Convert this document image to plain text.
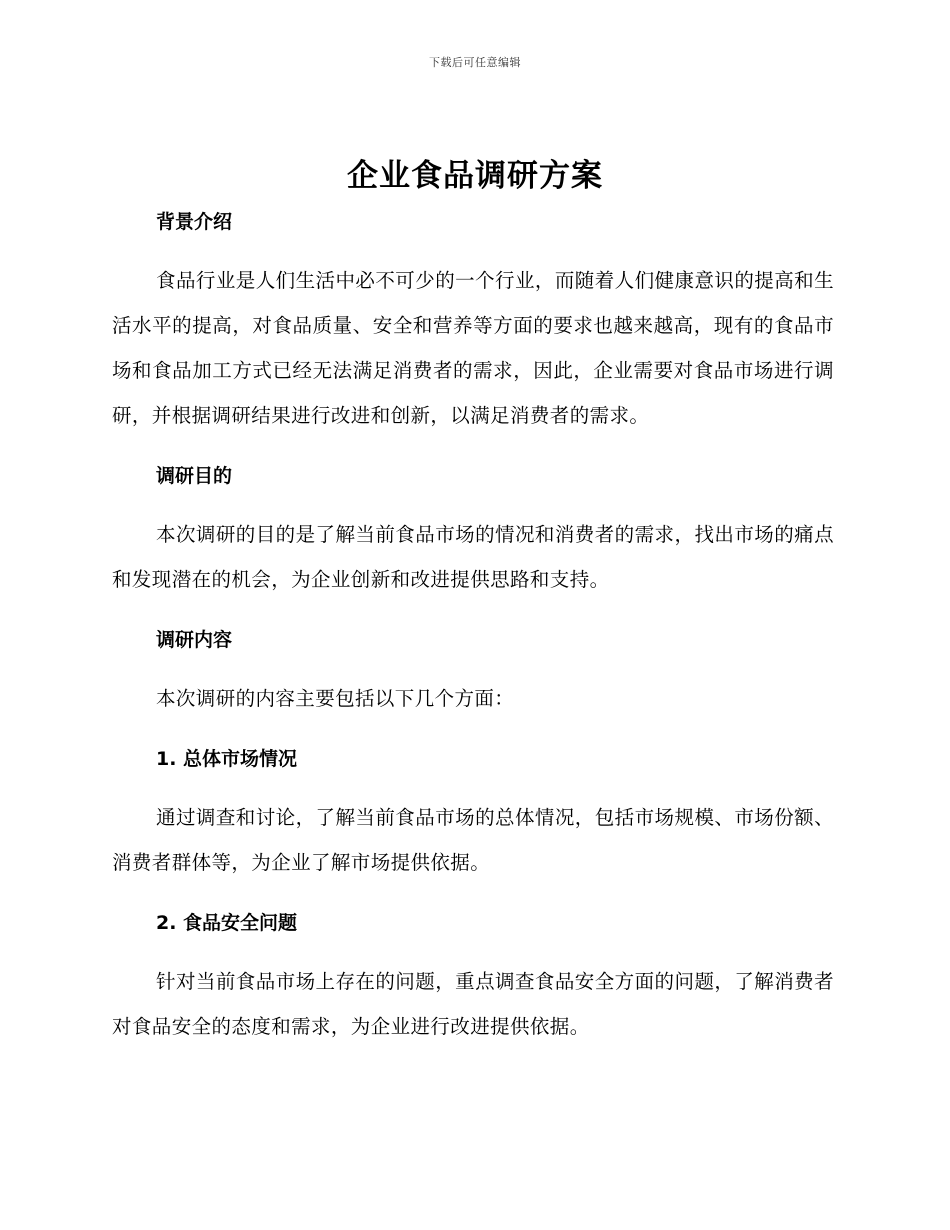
下载后可任意编辑
企业食品调研方案
背景介绍

食品行业是人们生活中必不可少的一个行业，而随着人们健康意识的提高和生活水平的提高，对食品质量、安全和营养等方面的要求也越来越高，现有的食品市场和食品加工方式已经无法满足消费者的需求，因此，企业需要对食品市场进行调研，并根据调研结果进行改进和创新，以满足消费者的需求。

调研目的

本次调研的目的是了解当前食品市场的情况和消费者的需求，找出市场的痛点和发现潜在的机会，为企业创新和改进提供思路和支持。

调研内容

本次调研的内容主要包括以下几个方面：

1. 总体市场情况

通过调查和讨论，了解当前食品市场的总体情况，包括市场规模、市场份额、消费者群体等，为企业了解市场提供依据。

2. 食品安全问题

针对当前食品市场上存在的问题，重点调查食品安全方面的问题，了解消费者对食品安全的态度和需求，为企业进行改进提供依据。
